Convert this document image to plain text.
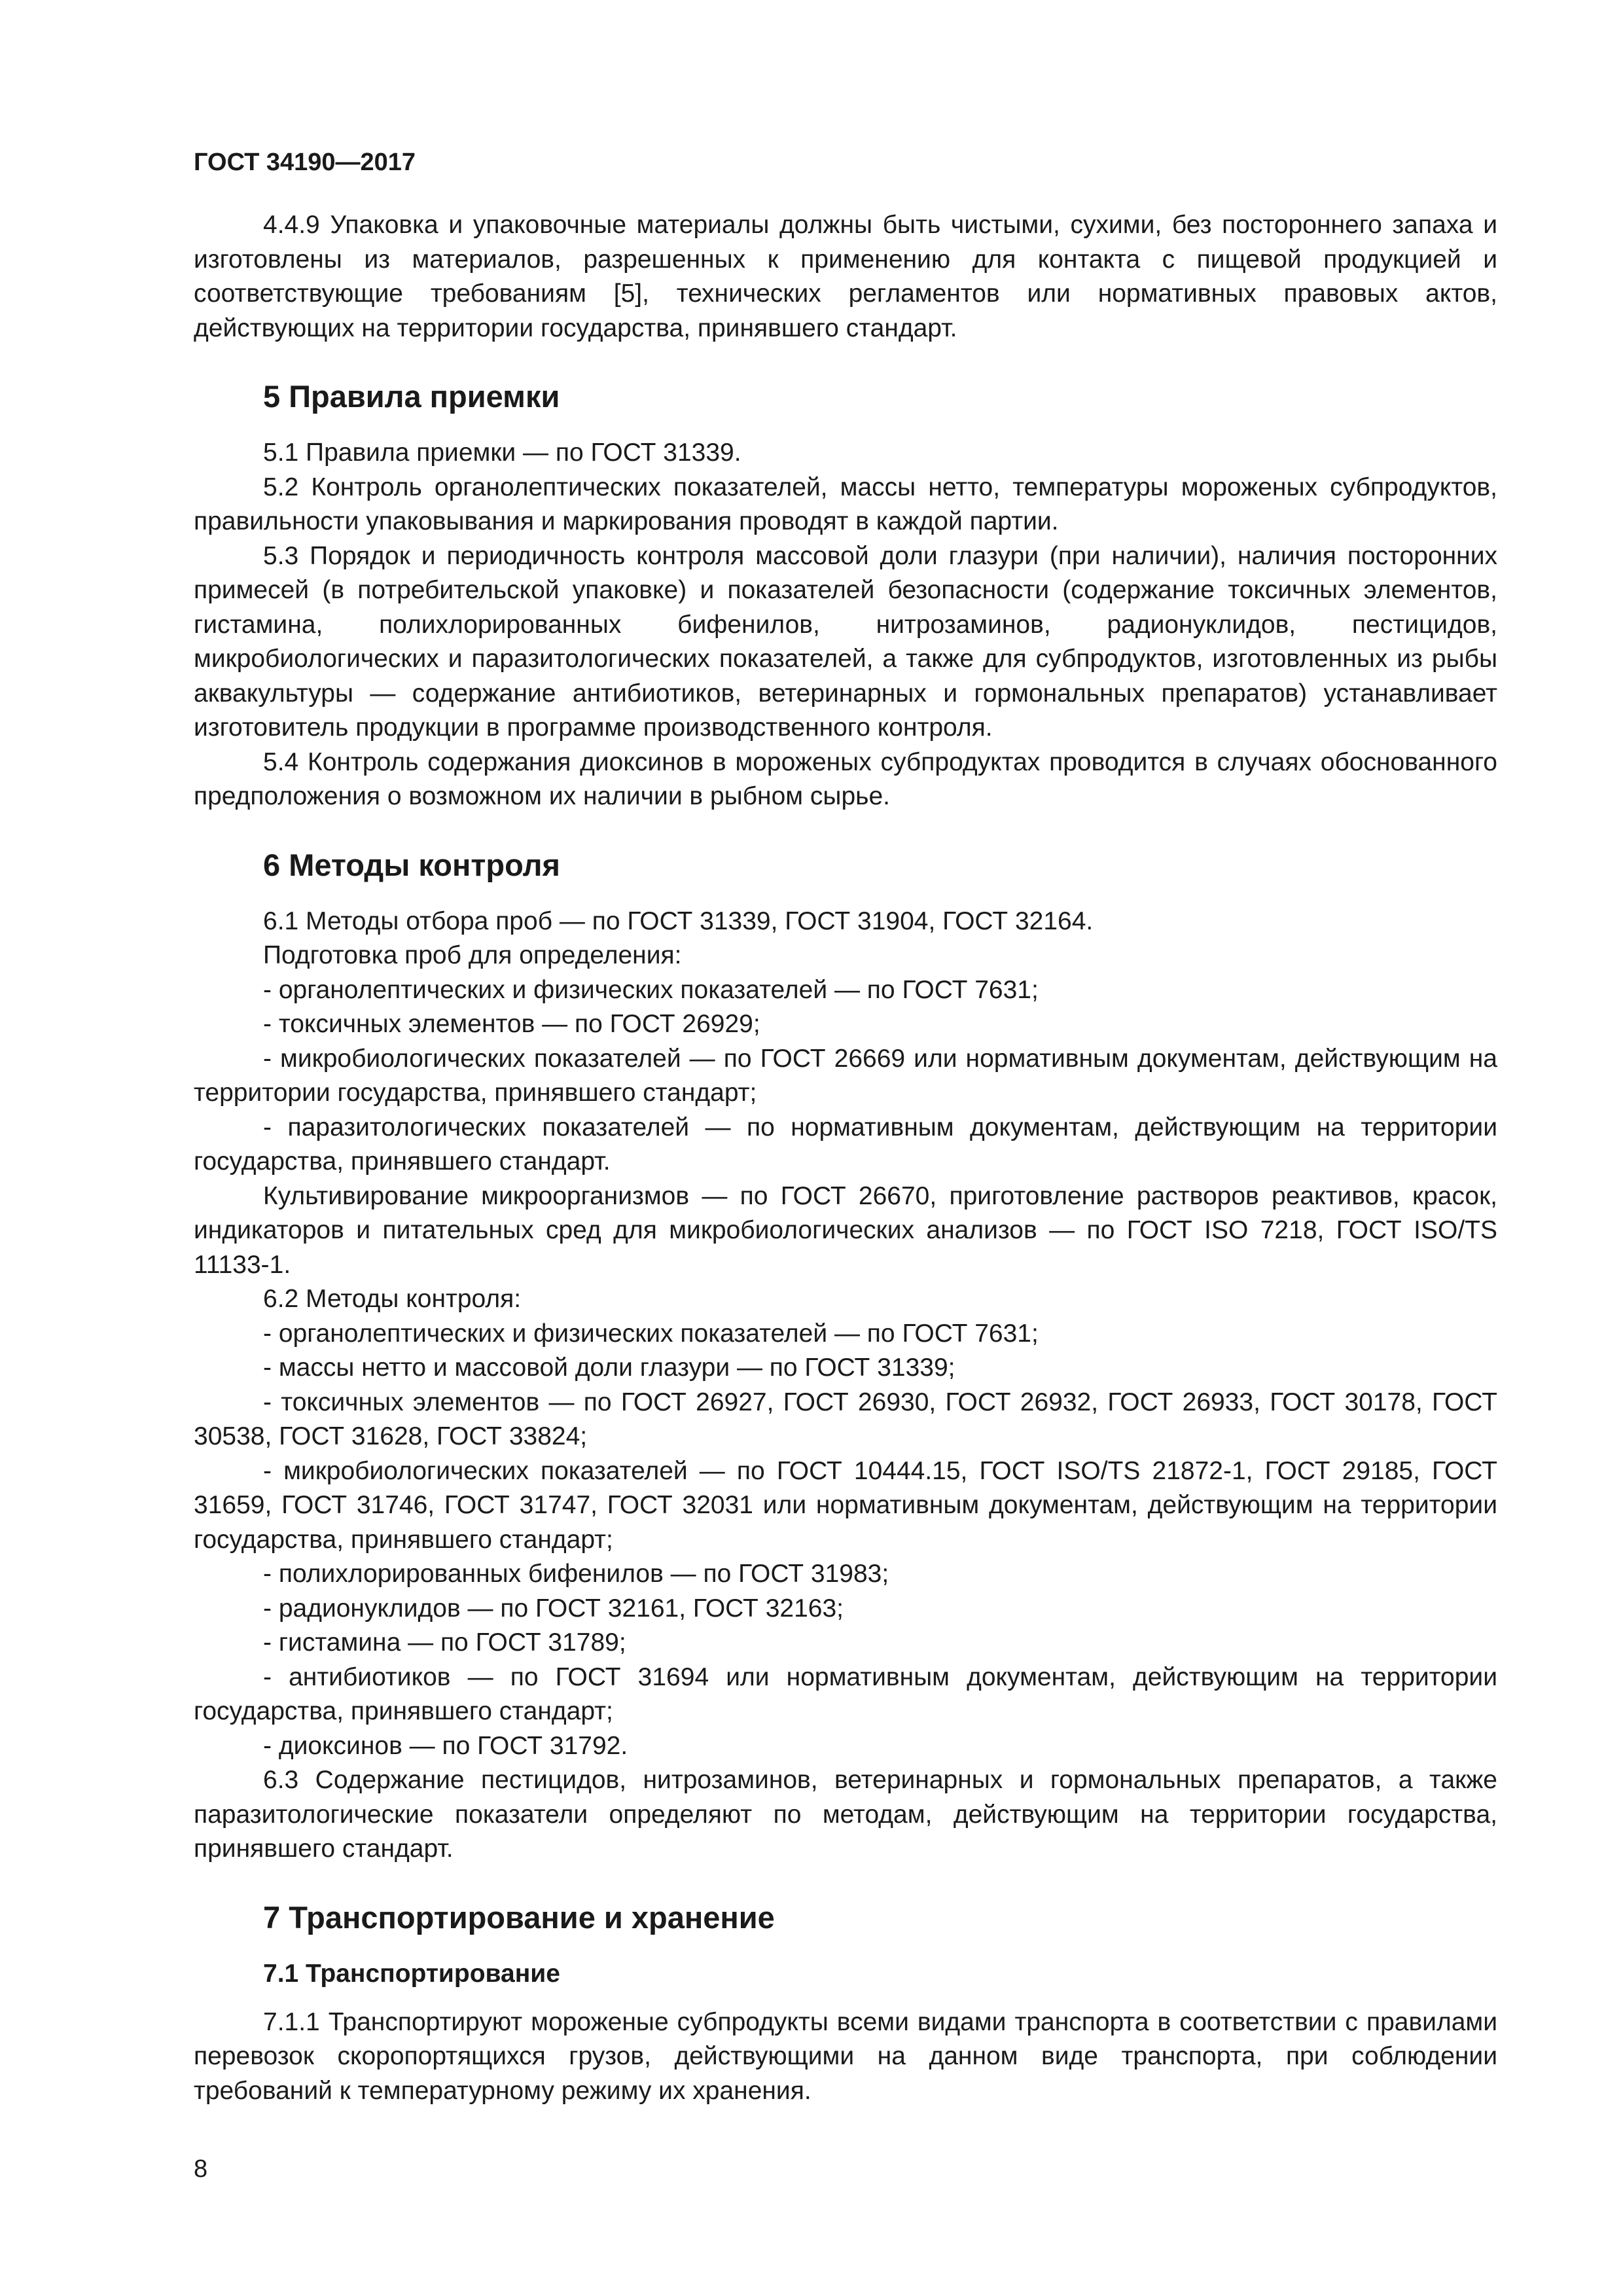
ГОСТ 34190—2017

4.4.9 Упаковка и упаковочные материалы должны быть чистыми, сухими, без постороннего запаха и изготовлены из материалов, разрешенных к применению для контакта с пищевой продукцией и соответствующие требованиям [5], технических регламентов или нормативных правовых актов, действующих на территории государства, принявшего стандарт.

5 Правила приемки

5.1 Правила приемки — по ГОСТ 31339.

5.2 Контроль органолептических показателей, массы нетто, температуры мороженых субпродуктов, правильности упаковывания и маркирования проводят в каждой партии.

5.3 Порядок и периодичность контроля массовой доли глазури (при наличии), наличия посторонних примесей (в потребительской упаковке) и показателей безопасности (содержание токсичных элементов, гистамина, полихлорированных бифенилов, нитрозаминов, радионуклидов, пестицидов, микробиологических и паразитологических показателей, а также для субпродуктов, изготовленных из рыбы аквакультуры — содержание антибиотиков, ветеринарных и гормональных препаратов) устанавливает изготовитель продукции в программе производственного контроля.

5.4 Контроль содержания диоксинов в мороженых субпродуктах проводится в случаях обоснованного предположения о возможном их наличии в рыбном сырье.

6 Методы контроля

6.1 Методы отбора проб — по ГОСТ 31339, ГОСТ 31904, ГОСТ 32164.

Подготовка проб для определения:

- органолептических и физических показателей — по ГОСТ 7631;

- токсичных элементов — по ГОСТ 26929;

- микробиологических показателей — по ГОСТ 26669 или нормативным документам, действующим на территории государства, принявшего стандарт;

- паразитологических показателей — по нормативным документам, действующим на территории государства, принявшего стандарт.

Культивирование микроорганизмов — по ГОСТ 26670, приготовление растворов реактивов, красок, индикаторов и питательных сред для микробиологических анализов — по ГОСТ ISO 7218, ГОСТ ISO/TS 11133-1.

6.2 Методы контроля:

- органолептических и физических показателей — по ГОСТ 7631;

- массы нетто и массовой доли глазури — по ГОСТ 31339;

- токсичных элементов — по ГОСТ 26927, ГОСТ 26930, ГОСТ 26932, ГОСТ 26933, ГОСТ 30178, ГОСТ 30538, ГОСТ 31628, ГОСТ 33824;

- микробиологических показателей — по ГОСТ 10444.15, ГОСТ ISO/TS 21872-1, ГОСТ 29185, ГОСТ 31659, ГОСТ 31746, ГОСТ 31747, ГОСТ 32031 или нормативным документам, действующим на территории государства, принявшего стандарт;

- полихлорированных бифенилов — по ГОСТ 31983;

- радионуклидов — по ГОСТ 32161, ГОСТ 32163;

- гистамина — по ГОСТ 31789;

- антибиотиков — по ГОСТ 31694 или нормативным документам, действующим на территории государства, принявшего стандарт;

- диоксинов — по ГОСТ 31792.

6.3 Содержание пестицидов, нитрозаминов, ветеринарных и гормональных препаратов, а также паразитологические показатели определяют по методам, действующим на территории государства, принявшего стандарт.

7 Транспортирование и хранение
7.1 Транспортирование

7.1.1 Транспортируют мороженые субпродукты всеми видами транспорта в соответствии с правилами перевозок скоропортящихся грузов, действующими на данном виде транспорта, при соблюдении требований к температурному режиму их хранения.

8
